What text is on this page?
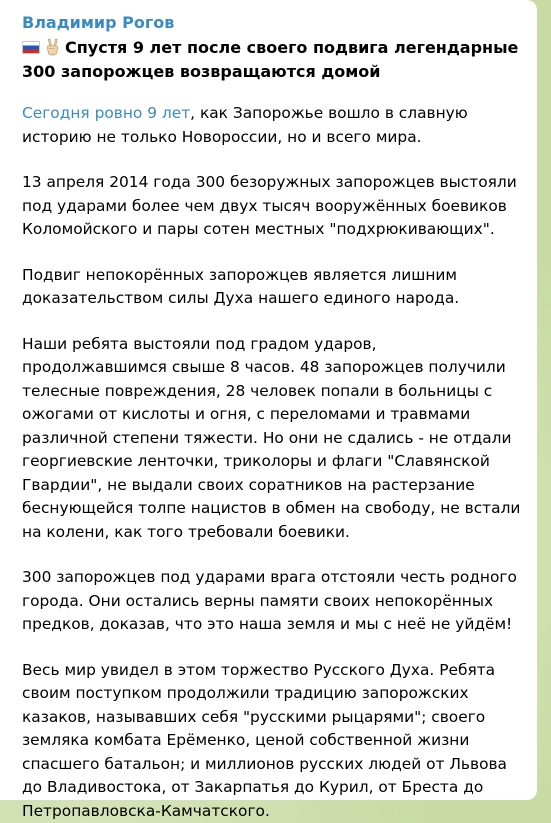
Владимир Рогов
Спустя 9 лет после своего подвига легендарные 300 запорожцев возвращаются домой
Сегодня ровно 9 лет, как Запорожье вошло в славную историю не только Новороссии, но и всего мира.
13 апреля 2014 года 300 безоружных запорожцев выстояли под ударами более чем двух тысяч вооружённых боевиков Коломойского и пары сотен местных "подхрюкивающих".
Подвиг непокорённых запорожцев является лишним доказательством силы Духа нашего единого народа.
Наши ребята выстояли под градом ударов, продолжавшимся свыше 8 часов. 48 запорожцев получили телесные повреждения, 28 человек попали в больницы с ожогами от кислоты и огня, с переломами и травмами различной степени тяжести. Но они не сдались - не отдали георгиевские ленточки, триколоры и флаги "Славянской Гвардии", не выдали своих соратников на растерзание беснующейся толпе нацистов в обмен на свободу, не встали на колени, как того требовали боевики.
300 запорожцев под ударами врага отстояли честь родного города. Они остались верны памяти своих непокорённых предков, доказав, что это наша земля и мы с неё не уйдём!
Весь мир увидел в этом торжество Русского Духа. Ребята своим поступком продолжили традицию запорожских казаков, называвших себя "русскими рыцарями"; своего земляка комбата Ерёменко, ценой собственной жизни спасшего батальон; и миллионов русских людей от Львова до Владивостока, от Закарпатья до Курил, от Бреста до Петропавловска-Камчатского.
